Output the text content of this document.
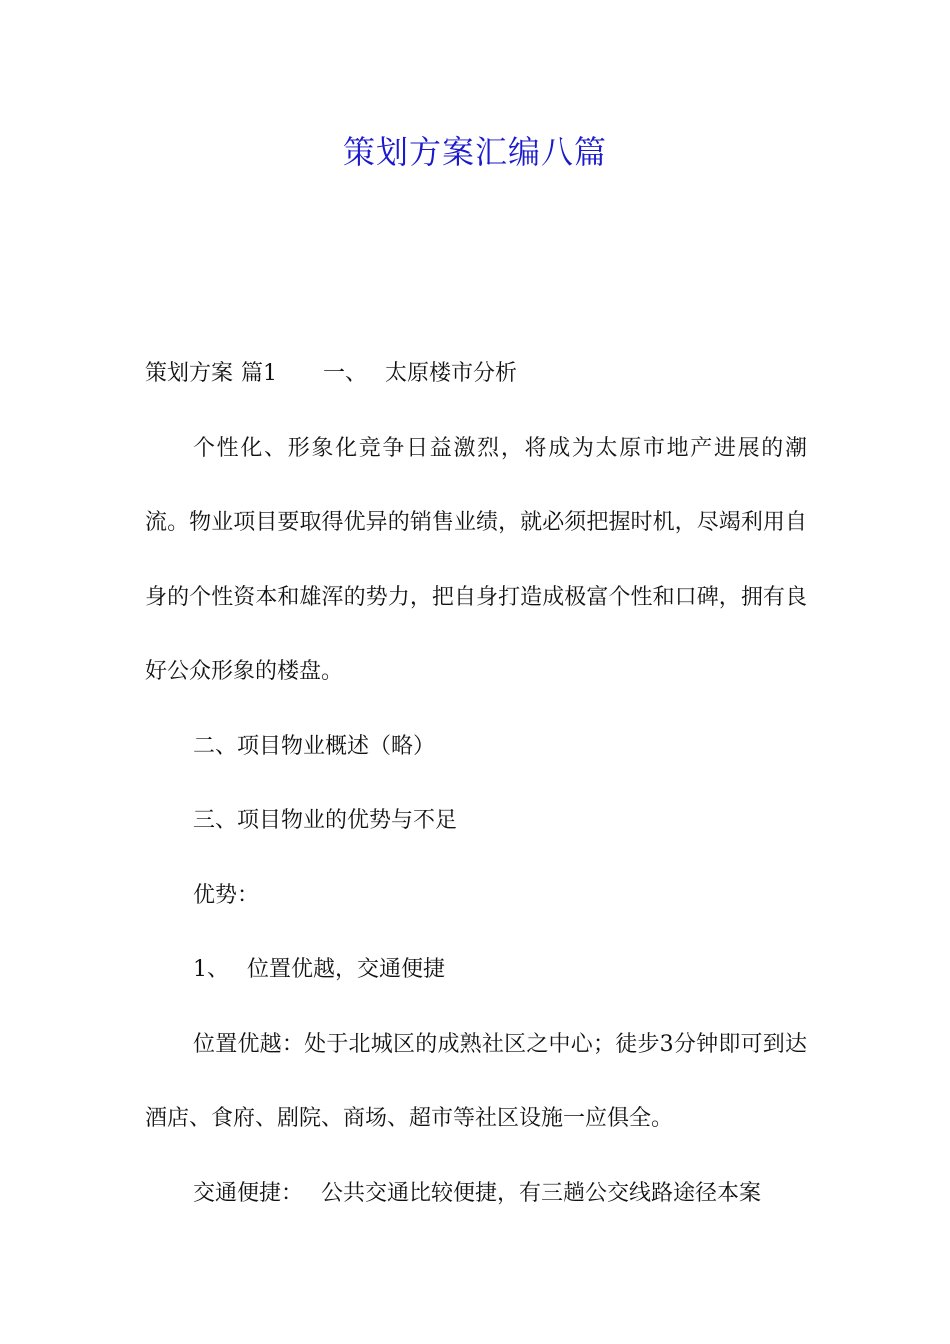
策划方案汇编八篇

策划方案 篇1 一、 太原楼市分析

个性化、形象化竞争日益激烈，将成为太原市地产进展的潮流。物业项目要取得优异的销售业绩，就必须把握时机，尽竭利用自身的个性资本和雄浑的势力，把自身打造成极富个性和口碑，拥有良好公众形象的楼盘。

二、项目物业概述（略）

三、项目物业的优势与不足

优势：

1、 位置优越，交通便捷

位置优越：处于北城区的成熟社区之中心；徒步3分钟即可到达酒店、食府、剧院、商场、超市等社区设施一应俱全。

交通便捷： 公共交通比较便捷，有三趟公交线路途径本案
